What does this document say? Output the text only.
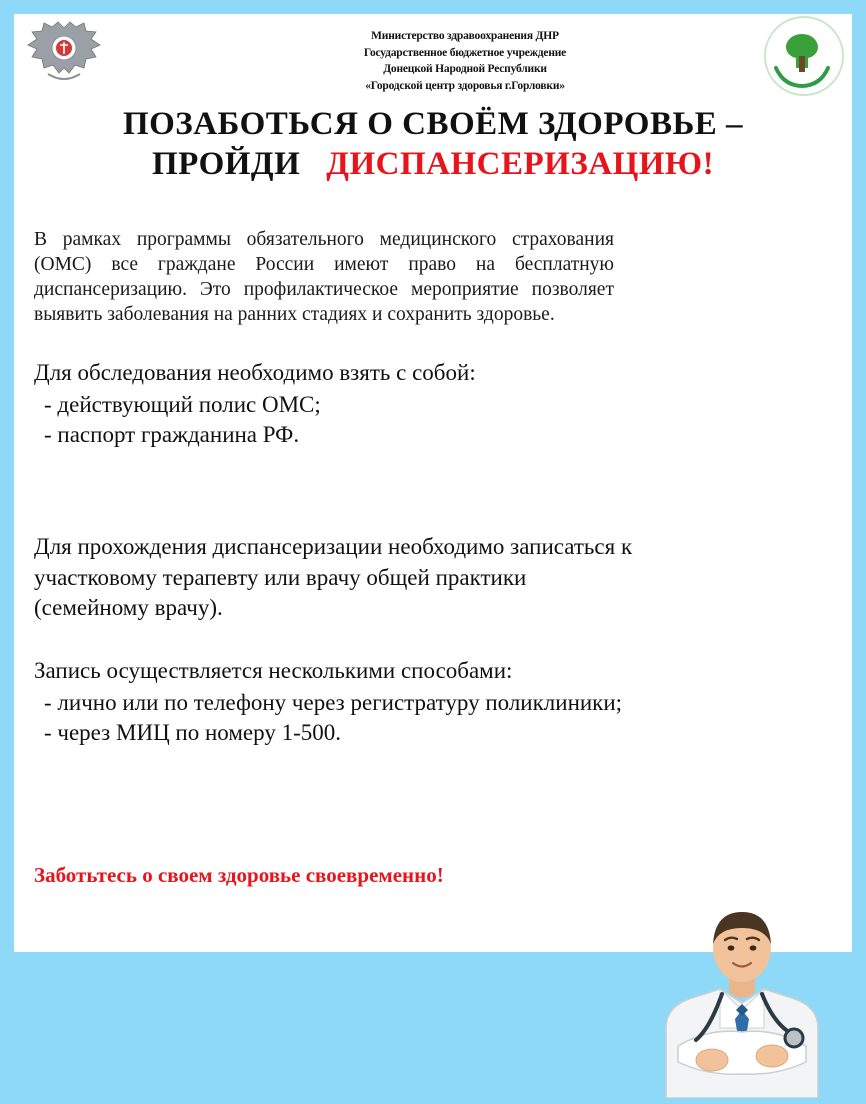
Министерство здравоохранения ДНР
Государственное бюджетное учреждение
Донецкой Народной Республики
«Городской центр здоровья г.Горловки»
ПОЗАБОТЬСЯ О СВОЁМ ЗДОРОВЬЕ –
ПРОЙДИ ДИСПАНСЕРИЗАЦИЮ!
В рамках программы обязательного медицинского страхования (ОМС) все граждане России имеют право на бесплатную диспансеризацию. Это профилактическое мероприятие позволяет выявить заболевания на ранних стадиях и сохранить здоровье.
Для обследования необходимо взять с собой:
- действующий полис ОМС;
- паспорт гражданина РФ.
Для прохождения диспансеризации необходимо записаться к участковому терапевту или врачу общей практики (семейному врачу).
Запись осуществляется несколькими способами:
- лично или по телефону через регистратуру поликлиники;
- через МИЦ по номеру 1-500.
Заботьтесь о своем здоровье своевременно!
